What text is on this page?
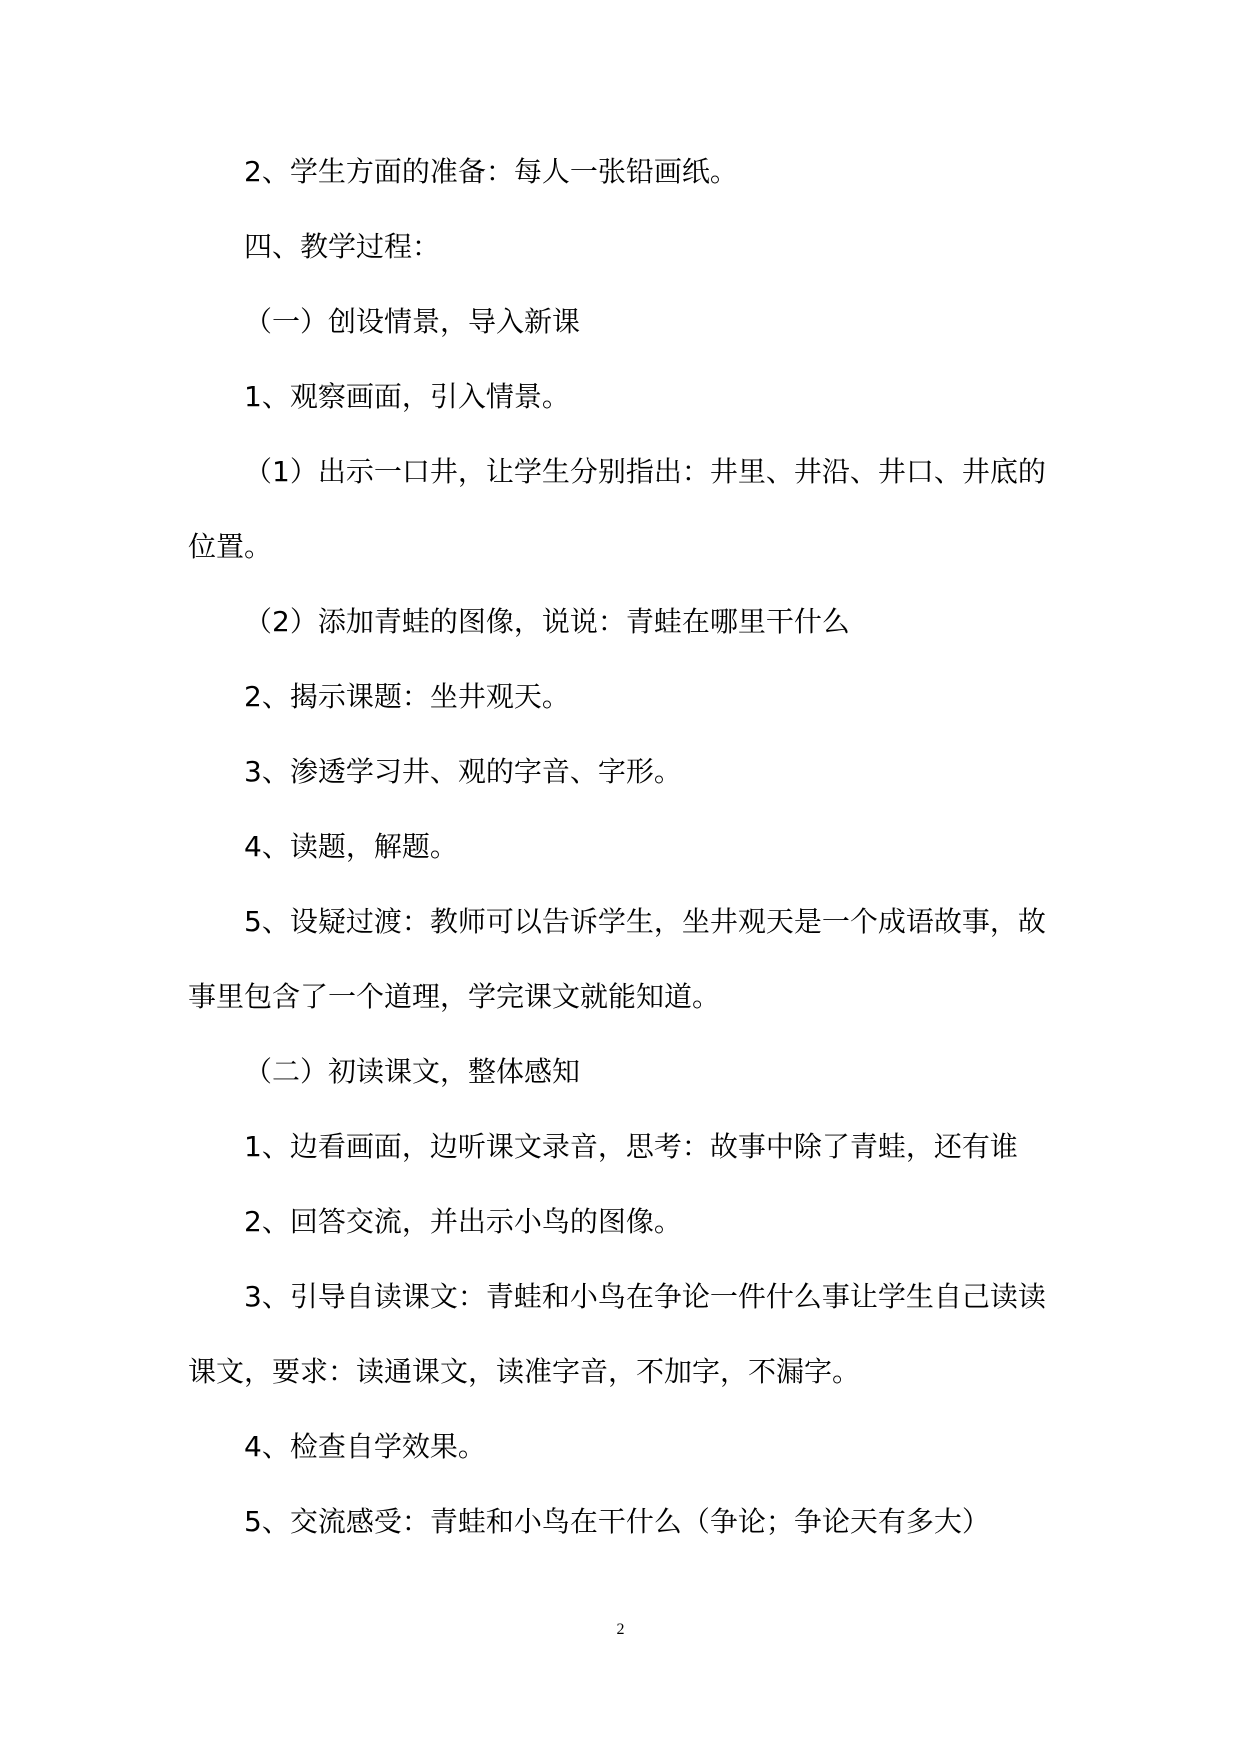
2、学生方面的准备：每人一张铅画纸。

四、教学过程：

（一）创设情景，导入新课

1、观察画面，引入情景。

（1）出示一口井，让学生分别指出：井里、井沿、井口、井底的位置。

（2）添加青蛙的图像，说说：青蛙在哪里干什么

2、揭示课题：坐井观天。

3、渗透学习井、观的字音、字形。

4、读题，解题。

5、设疑过渡：教师可以告诉学生，坐井观天是一个成语故事，故事里包含了一个道理，学完课文就能知道。

（二）初读课文，整体感知

1、边看画面，边听课文录音，思考：故事中除了青蛙，还有谁

2、回答交流，并出示小鸟的图像。

3、引导自读课文：青蛙和小鸟在争论一件什么事让学生自己读读课文，要求：读通课文，读准字音，不加字，不漏字。

4、检查自学效果。

5、交流感受：青蛙和小鸟在干什么（争论；争论天有多大）

2
